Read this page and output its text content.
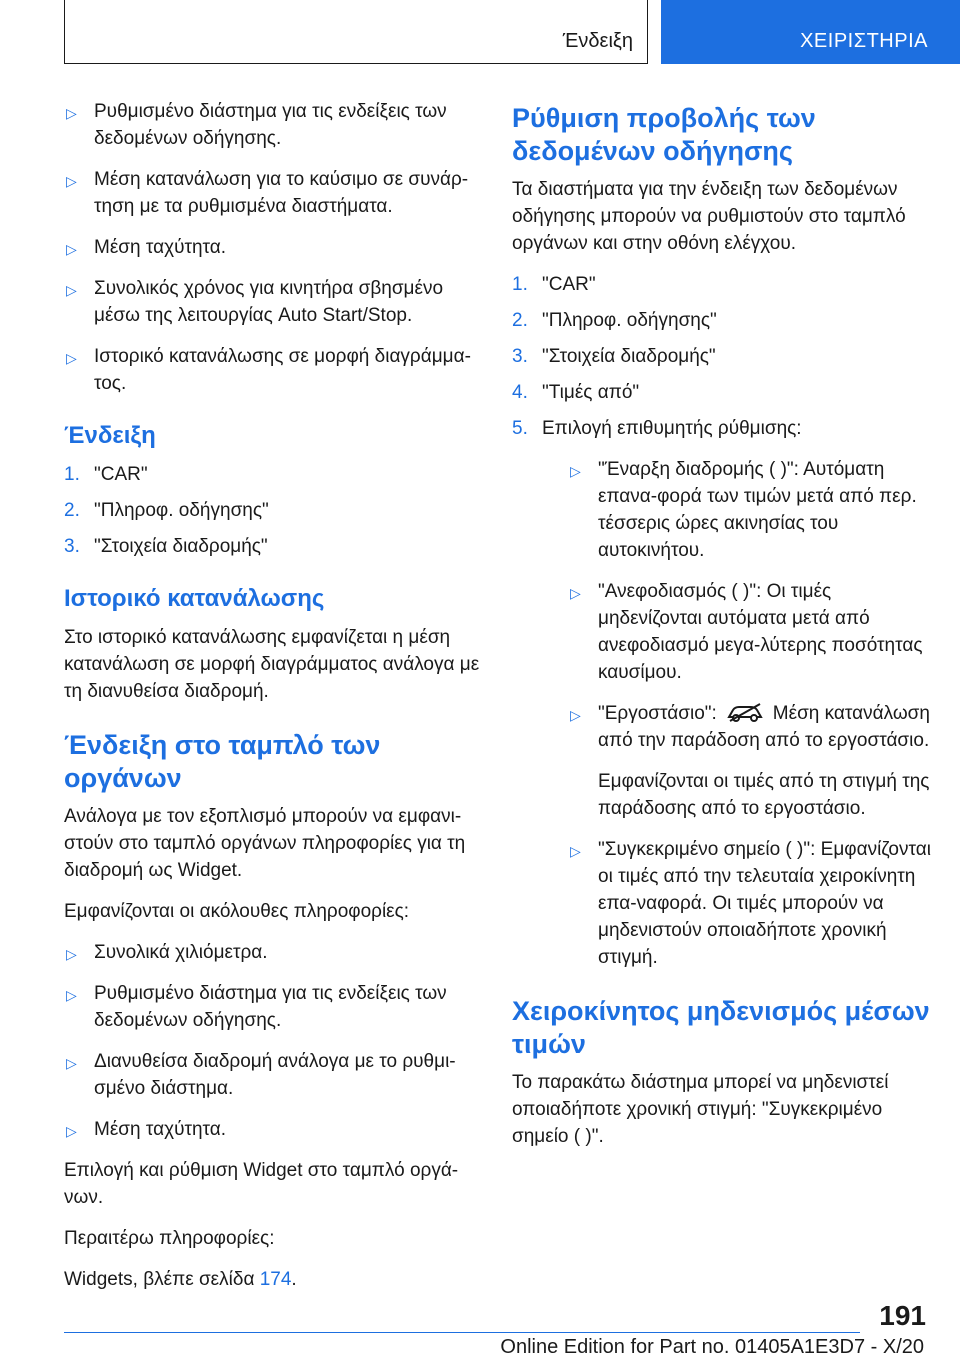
Ένδειξη	ΧΕΙΡΙΣΤΗΡΙΑ
▷ Ρυθμισμένο διάστημα για τις ενδείξεις των δεδομένων οδήγησης.
▷ Μέση κατανάλωση για το καύσιμο σε συνάρ-τηση με τα ρυθμισμένα διαστήματα.
▷ Μέση ταχύτητα.
▷ Συνολικός χρόνος για κινητήρα σβησμένο μέσω της λειτουργίας Auto Start/Stop.
▷ Ιστορικό κατανάλωσης σε μορφή διαγράμμα-τος.
Ένδειξη
1. "CAR"
2. "Πληροφ. οδήγησης"
3. "Στοιχεία διαδρομής"
Ιστορικό κατανάλωσης

Στο ιστορικό κατανάλωσης εμφανίζεται η μέση κατανάλωση σε μορφή διαγράμματος ανάλογα με τη διανυθείσα διαδρομή.

Ένδειξη στο ταμπλό των οργάνων

Ανάλογα με τον εξοπλισμό μπορούν να εμφανι-στούν στο ταμπλό οργάνων πληροφορίες για τη διαδρομή ως Widget.

Εμφανίζονται οι ακόλουθες πληροφορίες:

▷ Συνολικά χιλιόμετρα.
▷ Ρυθμισμένο διάστημα για τις ενδείξεις των δεδομένων οδήγησης.
▷ Διανυθείσα διαδρομή ανάλογα με το ρυθμι-σμένο διάστημα.
▷ Μέση ταχύτητα.

Επιλογή και ρύθμιση Widget στο ταμπλό οργά-νων.

Περαιτέρω πληροφορίες:

Widgets, βλέπε σελίδα 174.

Ρύθμιση προβολής των δεδομένων οδήγησης

Τα διαστήματα για την ένδειξη των δεδομένων οδήγησης μπορούν να ρυθμιστούν στο ταμπλό οργάνων και στην οθόνη ελέγχου.

1. "CAR"
2. "Πληροφ. οδήγησης"
3. "Στοιχεία διαδρομής"
4. "Τιμές από"
5. Επιλογή επιθυμητής ρύθμισης:
▷ "Έναρξη διαδρομής ( )": Αυτόματη επανα-φορά των τιμών μετά από περ. τέσσερις ώρες ακινησίας του αυτοκινήτου.
▷ "Ανεφοδιασμός ( )": Οι τιμές μηδενίζονται αυτόματα μετά από ανεφοδιασμό μεγα-λύτερης ποσότητας καυσίμου.
▷ "Εργοστάσιο":	Μέση κατανάλωση από την παράδοση από το εργοστάσιο.

Εμφανίζονται οι τιμές από τη στιγμή της παράδοσης από το εργοστάσιο.

▷ "Συγκεκριμένο σημείο ( )": Εμφανίζονται οι τιμές από την τελευταία χειροκίνητη επα-ναφορά. Οι τιμές μπορούν να μηδενιστούν οποιαδήποτε χρονική στιγμή.
Χειροκίνητος μηδενισμός μέσων τιμών

Το παρακάτω διάστημα μπορεί να μηδενιστεί οποιαδήποτε χρονική στιγμή: "Συγκεκριμένο σημείο ( )".

191
Online Edition for Part no. 01405A1E3D7 - X/20
